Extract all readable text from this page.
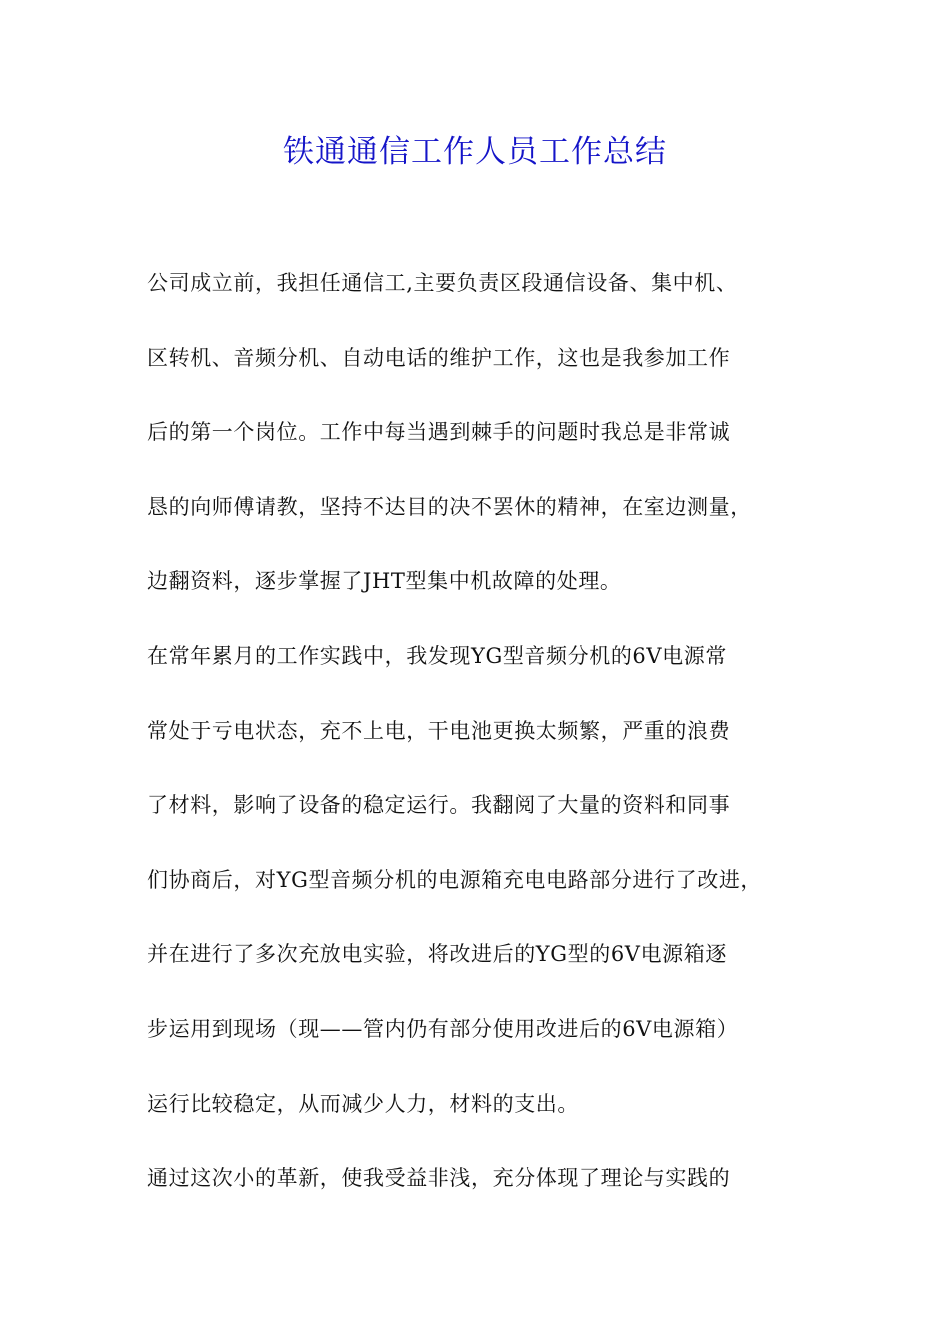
铁通通信工作人员工作总结
公司成立前，我担任通信工,主要负责区段通信设备、集中机、
区转机、音频分机、自动电话的维护工作，这也是我参加工作
后的第一个岗位。工作中每当遇到棘手的问题时我总是非常诚
恳的向师傅请教，坚持不达目的决不罢休的精神，在室边测量，
边翻资料，逐步掌握了JHT型集中机故障的处理。
在常年累月的工作实践中，我发现YG型音频分机的6V电源常
常处于亏电状态，充不上电，干电池更换太频繁，严重的浪费
了材料，影响了设备的稳定运行。我翻阅了大量的资料和同事
们协商后，对YG型音频分机的电源箱充电电路部分进行了改进，
并在进行了多次充放电实验，将改进后的YG型的6V电源箱逐
步运用到现场（现——管内仍有部分使用改进后的6V电源箱）
运行比较稳定，从而减少人力，材料的支出。
通过这次小的革新，使我受益非浅，充分体现了理论与实践的
